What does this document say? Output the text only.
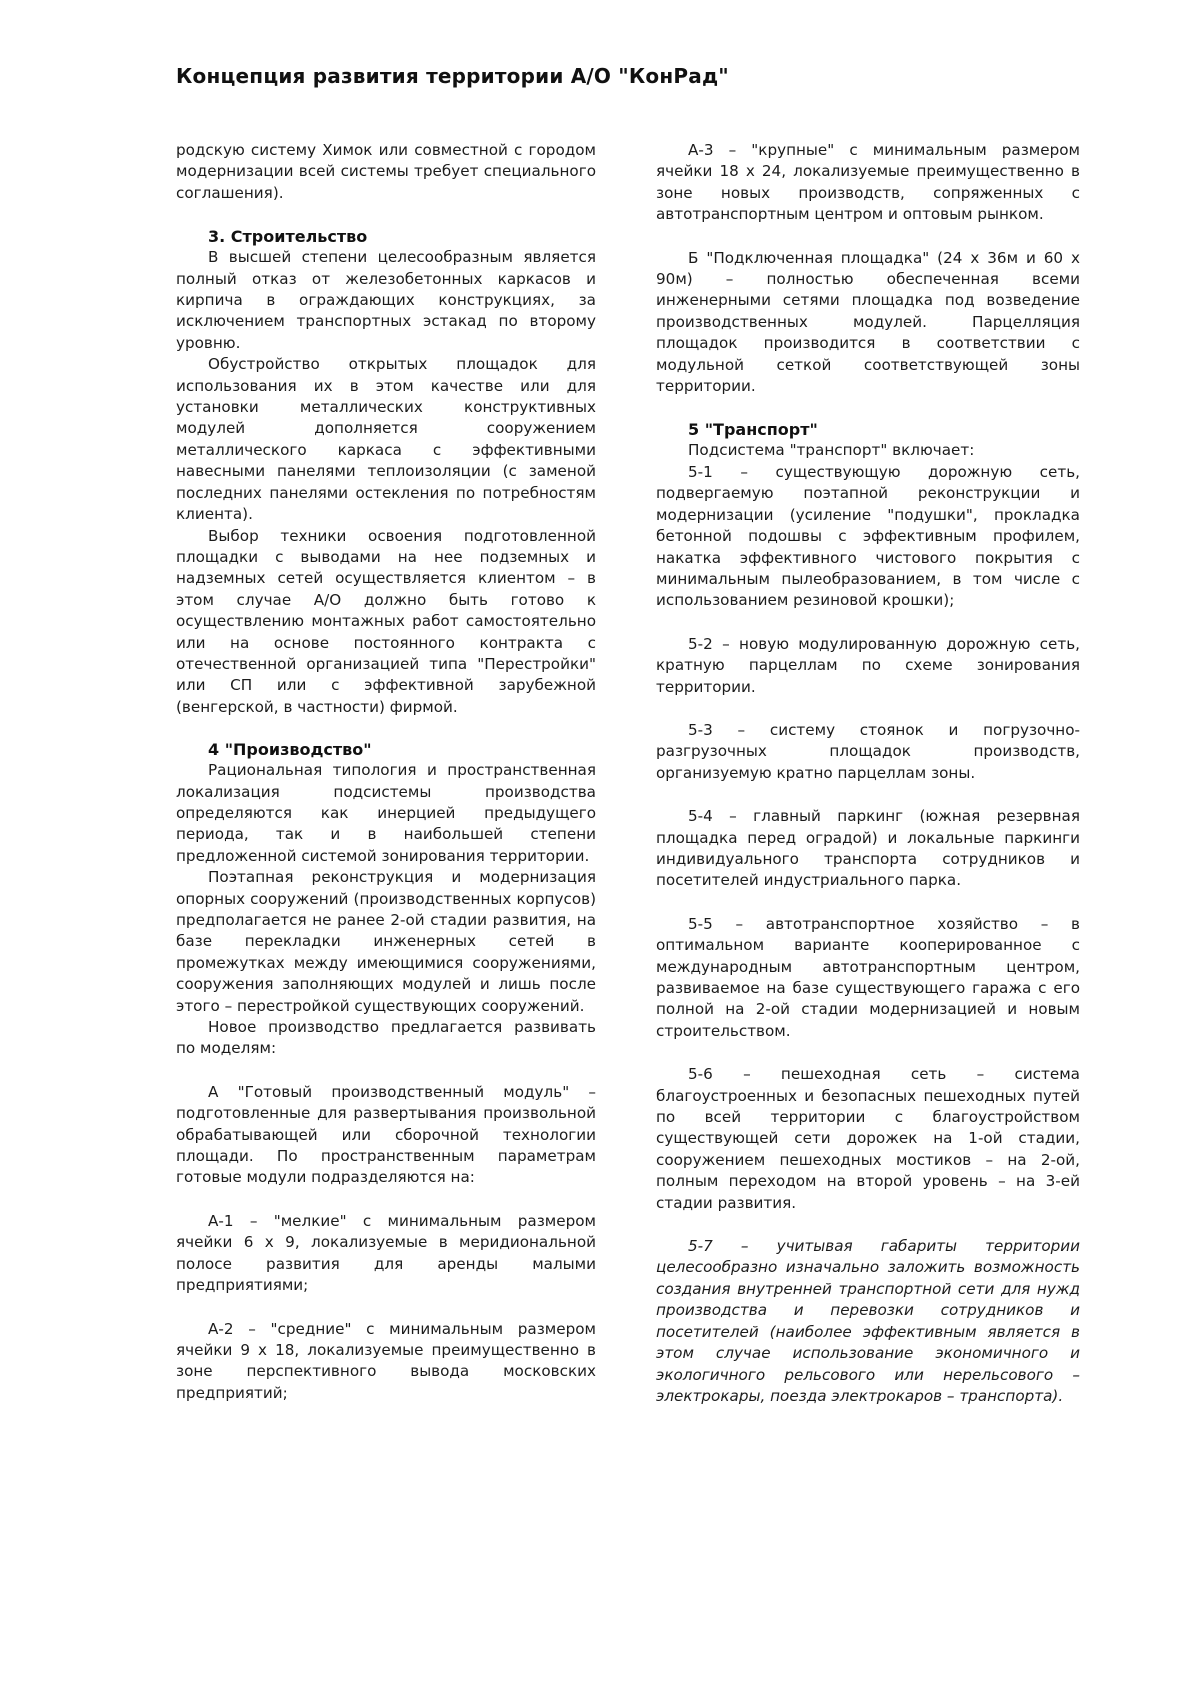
Концепция развития территории А/О "КонРад"

родскую систему Химок или совместной с городом модернизации всей системы требует специального соглашения).

3. Строительство

В высшей степени целесообразным является полный отказ от железобетонных каркасов и кирпича в ограждающих конструкциях, за исключением транспортных эстакад по второму уровню.

Обустройство открытых площадок для использования их в этом качестве или для установки металлических конструктивных модулей дополняется сооружением металлического каркаса с эффективными навесными панелями теплоизоляции (с заменой последних панелями остекления по потребностям клиента).

Выбор техники освоения подготовленной площадки с выводами на нее подземных и надземных сетей осуществляется клиентом – в этом случае А/О должно быть готово к осуществлению монтажных работ самостоятельно или на основе постоянного контракта с отечественной организацией типа "Перестройки" или СП или с эффективной зарубежной (венгерской, в частности) фирмой.

4 "Производство"

Рациональная типология и пространственная локализация подсистемы производства определяются как инерцией предыдущего периода, так и в наибольшей степени предложенной системой зонирования территории.

Поэтапная реконструкция и модернизация опорных сооружений (производственных корпусов) предполагается не ранее 2-ой стадии развития, на базе перекладки инженерных сетей в промежутках между имеющимися сооружениями, сооружения заполняющих модулей и лишь после этого – перестройкой существующих сооружений.

Новое производство предлагается развивать по моделям:

А "Готовый производственный модуль" – подготовленные для развертывания произвольной обрабатывающей или сборочной технологии площади. По пространственным параметрам готовые модули подразделяются на:

А-1 – "мелкие" с минимальным размером ячейки 6 х 9, локализуемые в меридиональной полосе развития для аренды малыми предприятиями;

А-2 – "средние" с минимальным размером ячейки 9 х 18, локализуемые преимущественно в зоне перспективного вывода московских предприятий;

А-3 – "крупные" с минимальным размером ячейки 18 х 24, локализуемые преимущественно в зоне новых производств, сопряженных с автотранспортным центром и оптовым рынком.

Б "Подключенная площадка" (24 х 36м и 60 х 90м) – полностью обеспеченная всеми инженерными сетями площадка под возведение производственных модулей. Парцелляция площадок производится в соответствии с модульной сеткой соответствующей зоны территории.

5 "Транспорт"

Подсистема "транспорт" включает:

5-1 – существующую дорожную сеть, подвергаемую поэтапной реконструкции и модернизации (усиление "подушки", прокладка бетонной подошвы с эффективным профилем, накатка эффективного чистового покрытия с минимальным пылеобразованием, в том числе с использованием резиновой крошки);

5-2 – новую модулированную дорожную сеть, кратную парцеллам по схеме зонирования территории.

5-3 – систему стоянок и погрузочно-разгрузочных площадок производств, организуемую кратно парцеллам зоны.

5-4 – главный паркинг (южная резервная площадка перед оградой) и локальные паркинги индивидуального транспорта сотрудников и посетителей индустриального парка.

5-5 – автотранспортное хозяйство – в оптимальном варианте кооперированное с международным автотранспортным центром, развиваемое на базе существующего гаража с его полной на 2-ой стадии модернизацией и новым строительством.

5-6 – пешеходная сеть – система благоустроенных и безопасных пешеходных путей по всей территории с благоустройством существующей сети дорожек на 1-ой стадии, сооружением пешеходных мостиков – на 2-ой, полным переходом на второй уровень – на 3-ей стадии развития.

5-7 – учитывая габариты территории целесообразно изначально заложить возможность создания внутренней транспортной сети для нужд производства и перевозки сотрудников и посетителей (наиболее эффективным является в этом случае использование экономичного и экологичного рельсового или нерельсового – электрокары, поезда электрокаров – транспорта).
